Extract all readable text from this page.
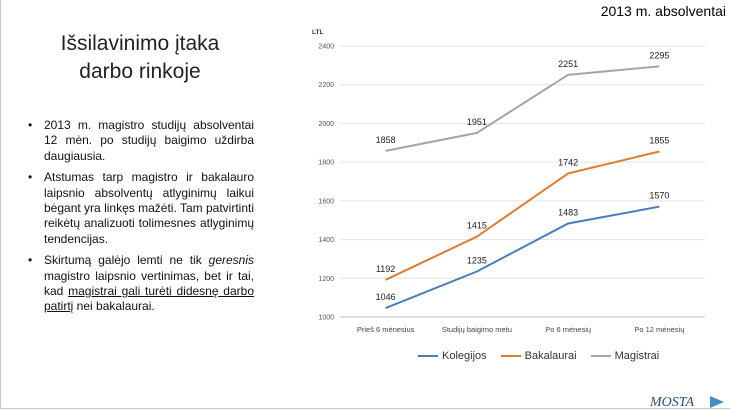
2013 m. absolventai
Išsilavinimo įtaka
darbo rinkoje
• 2013 m. magistro studijų absolventai 12 mėn. po studijų baigimo uždirba daugiausia.
• Atstumas tarp magistro ir bakalauro laipsnio absolventų atlyginimų laikui bėgant yra linkęs mažėti. Tam patvirtinti reikėtų analizuoti tolimesnes atlyginimų tendencijas.
• Skirtumą galėjo lemti ne tik geresnis magistro laipsnio vertinimas, bet ir tai, kad magistrai gali turėti didesnę darbo patirtį nei bakalaurai.
1000
1200
1400
1600
1800
2000
2200
2400
LTL
Prieš 6 mėnesius	Studijų baigimo metu	Po 6 mėnesių	Po 12 mėnesių
1046
1235
1483
1570
1192
1415
1742
1855
1858
1951
2251
2295
Kolegijos	Bakalaurai	Magistrai
MOSTA
